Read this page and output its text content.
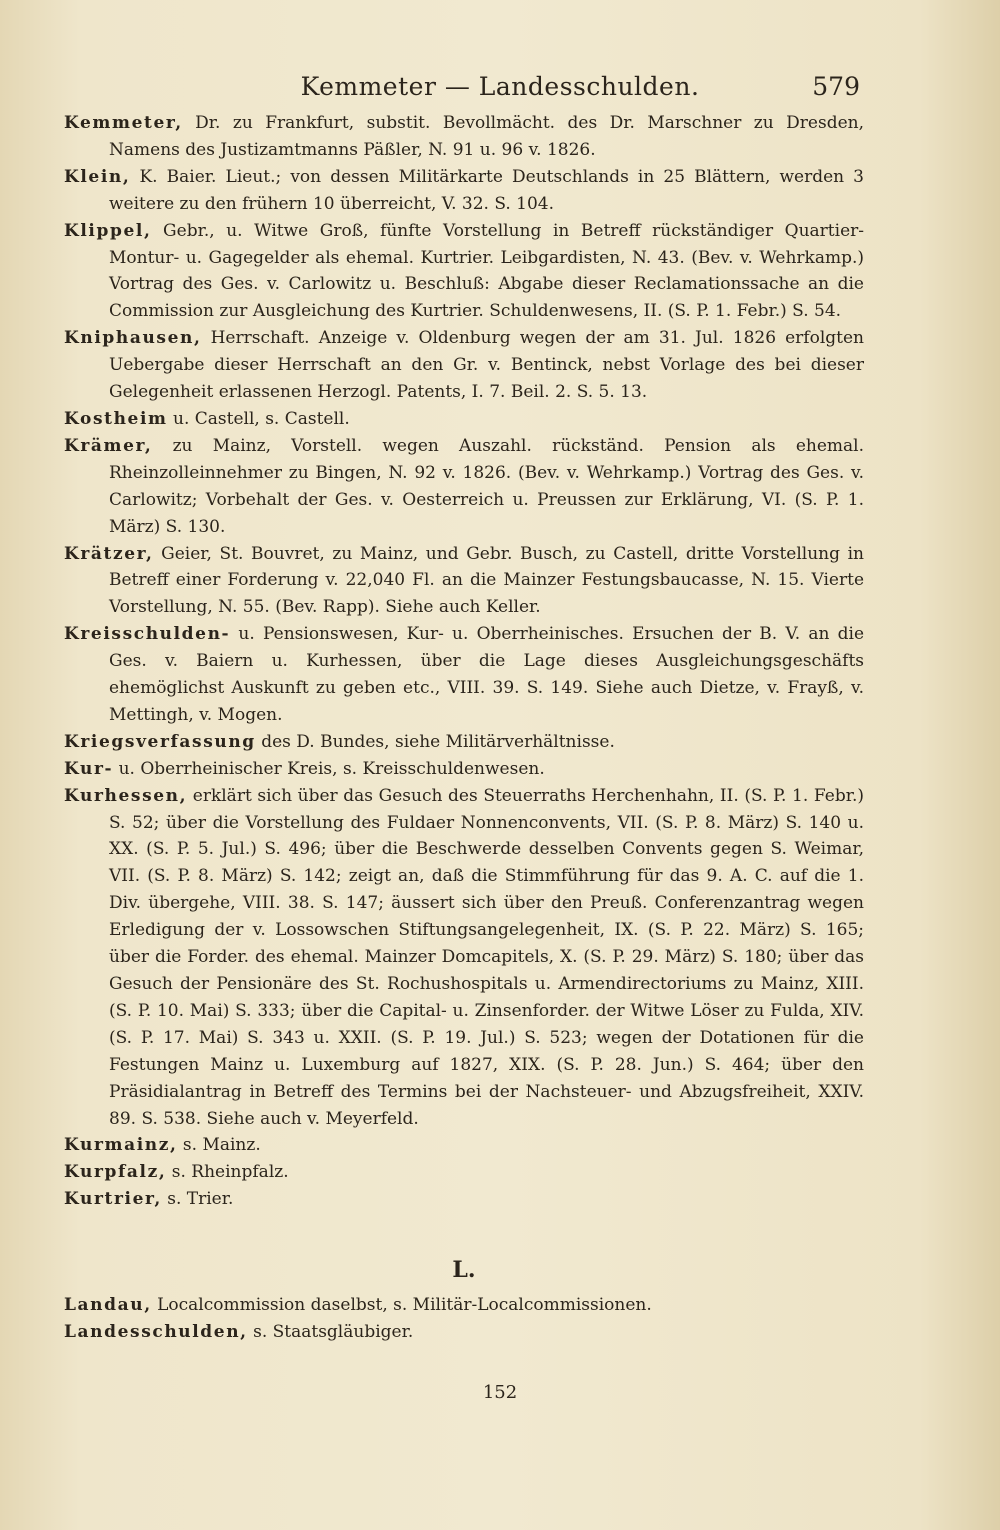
Kemmeter — Landesschulden.	579

Kemmeter, Dr. zu Frankfurt, substit. Bevollmächt. des Dr. Marschner zu Dresden, Namens des Justizamtmanns Päßler, N. 91 u. 96 v. 1826.

Klein, K. Baier. Lieut.; von dessen Militärkarte Deutschlands in 25 Blättern, werden 3 weitere zu den frühern 10 überreicht, V. 32. S. 104.

Klippel, Gebr., u. Witwe Groß, fünfte Vorstellung in Betreff rückständiger Quartier- Montur- u. Gagegelder als ehemal. Kurtrier. Leibgardisten, N. 43. (Bev. v. Wehrkamp.) Vortrag des Ges. v. Carlowitz u. Beschluß: Abgabe dieser Reclamationssache an die Commission zur Ausgleichung des Kurtrier. Schuldenwesens, II. (S. P. 1. Febr.) S. 54.

Kniphausen, Herrschaft. Anzeige v. Oldenburg wegen der am 31. Jul. 1826 erfolgten Uebergabe dieser Herrschaft an den Gr. v. Bentinck, nebst Vorlage des bei dieser Gelegenheit erlassenen Herzogl. Patents, I. 7. Beil. 2. S. 5. 13.

Kostheim u. Castell, s. Castell.

Krämer, zu Mainz, Vorstell. wegen Auszahl. rückständ. Pension als ehemal. Rheinzolleinnehmer zu Bingen, N. 92 v. 1826. (Bev. v. Wehrkamp.) Vortrag des Ges. v. Carlowitz; Vorbehalt der Ges. v. Oesterreich u. Preussen zur Erklärung, VI. (S. P. 1. März) S. 130.

Krätzer, Geier, St. Bouvret, zu Mainz, und Gebr. Busch, zu Castell, dritte Vorstellung in Betreff einer Forderung v. 22,040 Fl. an die Mainzer Festungsbaucasse, N. 15. Vierte Vorstellung, N. 55. (Bev. Rapp). Siehe auch Keller.

Kreisschulden- u. Pensionswesen, Kur- u. Oberrheinisches. Ersuchen der B. V. an die Ges. v. Baiern u. Kurhessen, über die Lage dieses Ausgleichungsgeschäfts ehemöglichst Auskunft zu geben etc., VIII. 39. S. 149. Siehe auch Dietze, v. Frayß, v. Mettingh, v. Mogen.

Kriegsverfassung des D. Bundes, siehe Militärverhältnisse.

Kur- u. Oberrheinischer Kreis, s. Kreisschuldenwesen.

Kurhessen, erklärt sich über das Gesuch des Steuerraths Herchenhahn, II. (S. P. 1. Febr.) S. 52; über die Vorstellung des Fuldaer Nonnenconvents, VII. (S. P. 8. März) S. 140 u. XX. (S. P. 5. Jul.) S. 496; über die Beschwerde desselben Convents gegen S. Weimar, VII. (S. P. 8. März) S. 142; zeigt an, daß die Stimmführung für das 9. A. C. auf die 1. Div. übergehe, VIII. 38. S. 147; äussert sich über den Preuß. Conferenzantrag wegen Erledigung der v. Lossowschen Stiftungsangelegenheit, IX. (S. P. 22. März) S. 165; über die Forder. des ehemal. Mainzer Domcapitels, X. (S. P. 29. März) S. 180; über das Gesuch der Pensionäre des St. Rochushospitals u. Armendirectoriums zu Mainz, XIII. (S. P. 10. Mai) S. 333; über die Capital- u. Zinsenforder. der Witwe Löser zu Fulda, XIV. (S. P. 17. Mai) S. 343 u. XXII. (S. P. 19. Jul.) S. 523; wegen der Dotationen für die Festungen Mainz u. Luxemburg auf 1827, XIX. (S. P. 28. Jun.) S. 464; über den Präsidialantrag in Betreff des Termins bei der Nachsteuer- und Abzugsfreiheit, XXIV. 89. S. 538. Siehe auch v. Meyerfeld.

Kurmainz, s. Mainz.

Kurpfalz, s. Rheinpfalz.

Kurtrier, s. Trier.

L.

Landau, Localcommission daselbst, s. Militär-Localcommissionen.

Landesschulden, s. Staatsgläubiger.

152
